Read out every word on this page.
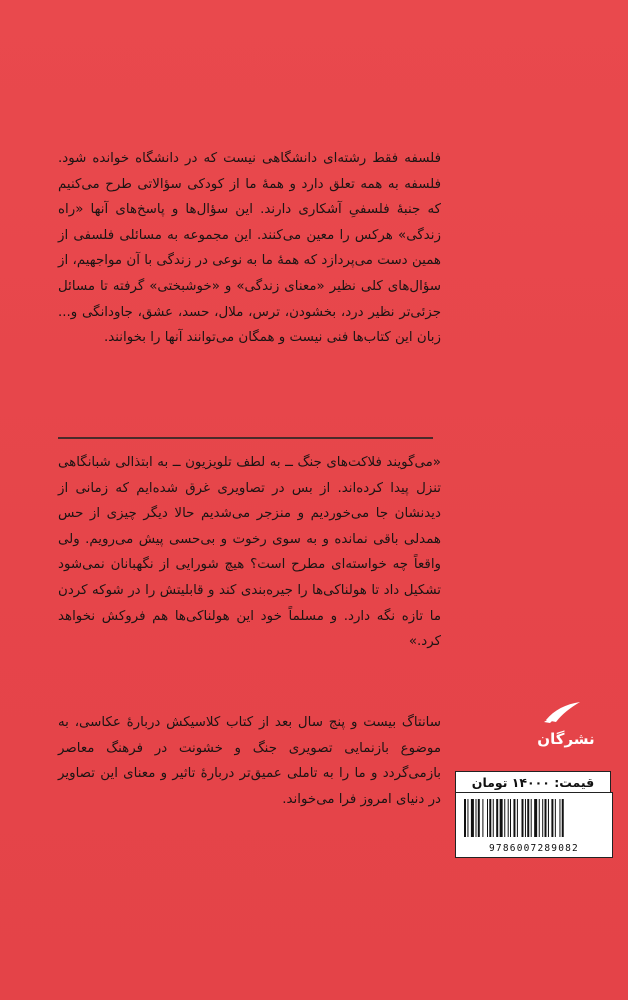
فلسفه فقط رشته‌ای دانشگاهی نیست که در دانشگاه خوانده شود. فلسفه به همه تعلق دارد و همهٔ ما از کودکی سؤالاتی طرح می‌کنیم که جنبهٔ فلسفیِ آشکاری دارند. این سؤال‌ها و پاسخ‌های آنها «راه زندگی» هرکس را معین می‌کنند. این مجموعه به مسائلی فلسفی از همین دست می‌پردازد که همهٔ ما به نوعی در زندگی با آن مواجهیم، از سؤال‌های کلی نظیر «معنای زندگی» و «خوشبختی» گرفته تا مسائل جزئی‌تر نظیر درد، بخشودن، ترس، ملال، حسد، عشق، جاودانگی و... زبان این کتاب‌ها فنی نیست و همگان می‌توانند آنها را بخوانند.

«می‌گویند فلاکت‌های جنگ ــ به لطف تلویزیون ــ به ابتذالی شبانگاهی تنزل پیدا کرده‌اند. از بس در تصاویری غرق شده‌ایم که زمانی از دیدنشان جا می‌خوردیم و منزجر می‌شدیم حالا دیگر چیزی از حس همدلی باقی نمانده و به سوی رخوت و بی‌حسی پیش می‌رویم. ولی واقعاً چه خواسته‌ای مطرح است؟ هیچ شورایی از نگهبانان نمی‌شود تشکیل داد تا هولناکی‌ها را جیره‌بندی کند و قابلیتش را در شوکه کردن ما تازه نگه دارد. و مسلماً خود این هولناکی‌ها هم فروکش نخواهد کرد.»

سانتاگ بیست و پنج سال بعد از کتاب کلاسیکش دربارهٔ عکاسی، به موضوع بازنمایی تصویری جنگ و خشونت در فرهنگ معاصر بازمی‌گردد و ما را به تاملی عمیق‌تر دربارهٔ تاثیر و معنای این تصاویر در دنیای امروز فرا می‌خواند.

نشرگان
قیمت: ۱۴۰۰۰ تومان
9786007289082
